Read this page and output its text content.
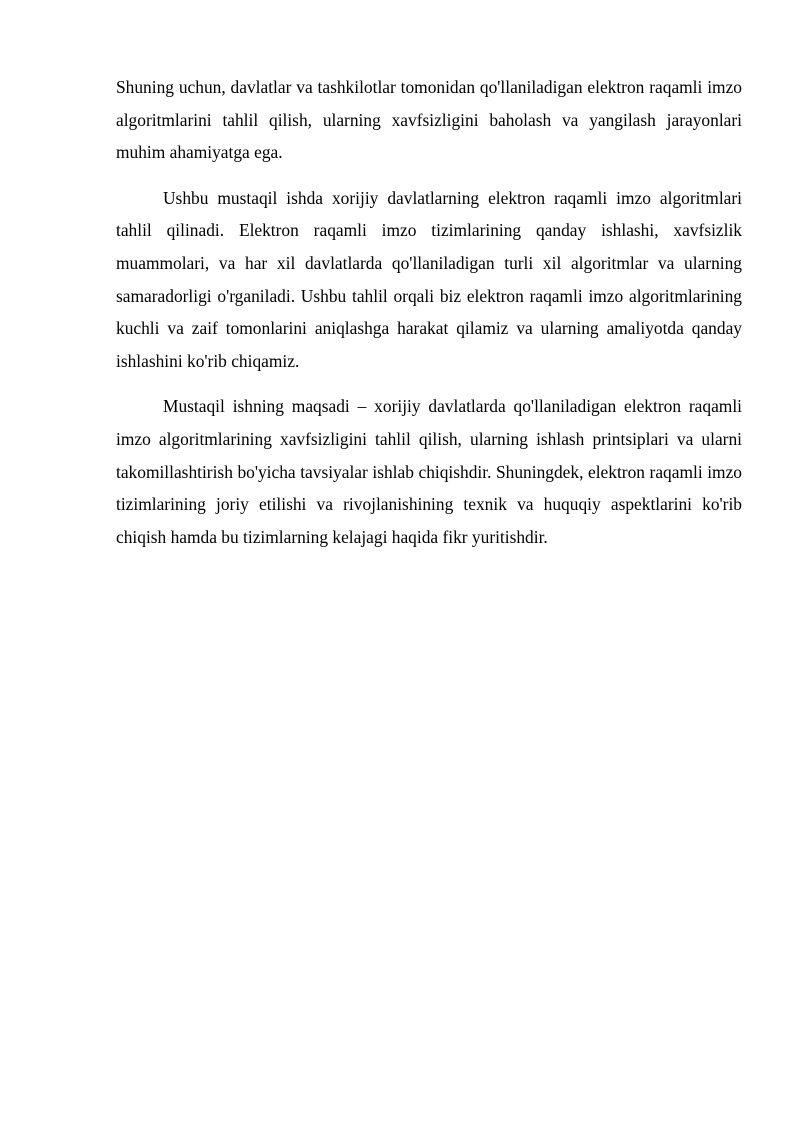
Shuning uchun, davlatlar va tashkilotlar tomonidan qo'llaniladigan elektron raqamli imzo algoritmlarini tahlil qilish, ularning xavfsizligini baholash va yangilash jarayonlari muhim ahamiyatga ega.

Ushbu mustaqil ishda xorijiy davlatlarning elektron raqamli imzo algoritmlari tahlil qilinadi. Elektron raqamli imzo tizimlarining qanday ishlashi, xavfsizlik muammolari, va har xil davlatlarda qo'llaniladigan turli xil algoritmlar va ularning samaradorligi o'rganiladi. Ushbu tahlil orqali biz elektron raqamli imzo algoritmlarining kuchli va zaif tomonlarini aniqlashga harakat qilamiz va ularning amaliyotda qanday ishlashini ko'rib chiqamiz.

Mustaqil ishning maqsadi – xorijiy davlatlarda qo'llaniladigan elektron raqamli imzo algoritmlarining xavfsizligini tahlil qilish, ularning ishlash printsiplari va ularni takomillashtirish bo'yicha tavsiyalar ishlab chiqishdir. Shuningdek, elektron raqamli imzo tizimlarining joriy etilishi va rivojlanishining texnik va huquqiy aspektlarini ko'rib chiqish hamda bu tizimlarning kelajagi haqida fikr yuritishdir.
